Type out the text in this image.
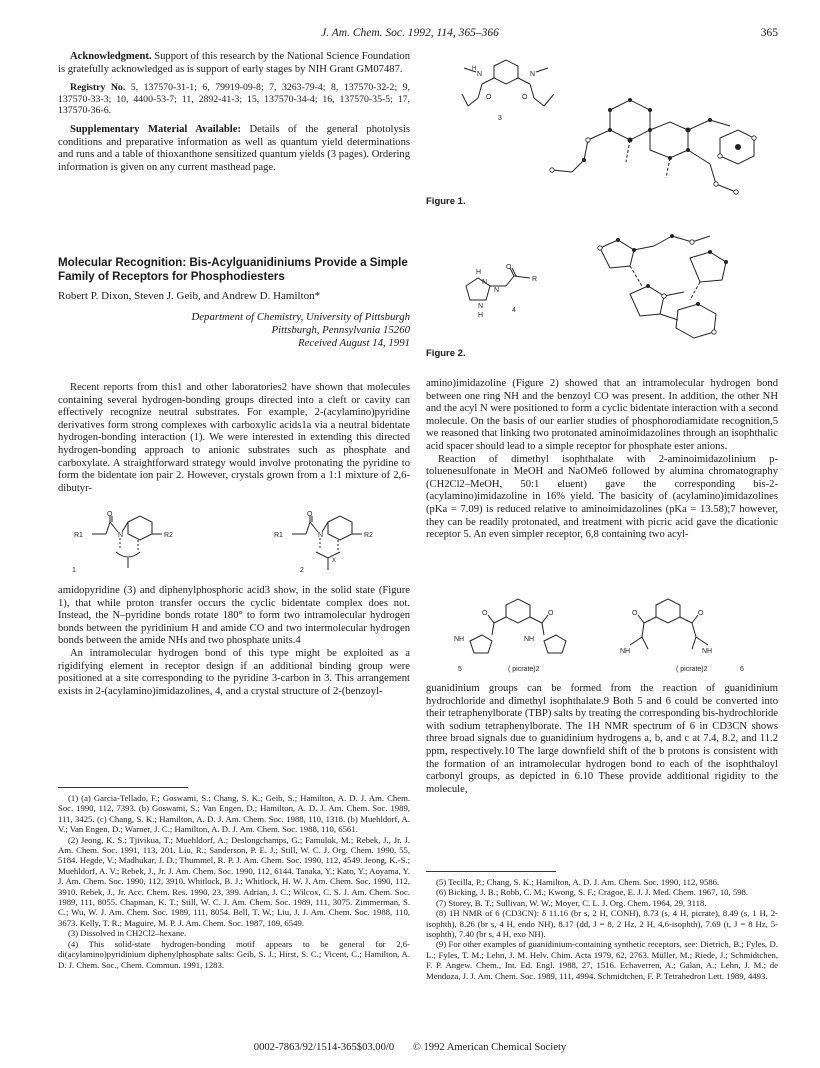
J. Am. Chem. Soc. 1992, 114, 365–366	365

Acknowledgment. Support of this research by the National Science Foundation is gratefully acknowledged as is support of early stages by NIH Grant GM07487.

Registry No. 5, 137570-31-1; 6, 79919-09-8; 7, 3263-79-4; 8, 137570-32-2; 9, 137570-33-3; 10, 4400-53-7; 11, 2892-41-3; 15, 137570-34-4; 16, 137570-35-5; 17, 137570-36-6.

Supplementary Material Available: Details of the general photolysis conditions and preparative information as well as quantum yield determinations and runs and a table of thioxanthone sensitized quantum yields (3 pages). Ordering information is given on any current masthead page.

Molecular Recognition: Bis-Acylguanidiniums Provide a Simple Family of Receptors for Phosphodiesters
Robert P. Dixon, Steven J. Geib, and Andrew D. Hamilton*
Department of Chemistry, University of Pittsburgh
Pittsburgh, Pennsylvania 15260
Received August 14, 1991

Recent reports from this1 and other laboratories2 have shown that molecules containing several hydrogen-bonding groups directed into a cleft or cavity can effectively recognize neutral substrates. For example, 2-(acylamino)pyridine derivatives form strong complexes with carboxylic acids1a via a neutral bidentate hydrogen-bonding interaction (1). We were interested in extending this directed hydrogen-bonding approach to anionic substrates such as phosphate and carboxylate. A straightforward strategy would involve protonating the pyridine to form the bidentate ion pair 2. However, crystals grown from a 1:1 mixture of 2,6-dibutyr-

O
R1	N	R2
1
O
R1	N	R2
X
2

amidopyridine (3) and diphenylphosphoric acid3 show, in the solid state (Figure 1), that while proton transfer occurs the cyclic bidentate complex does not. Instead, the N–pyridine bonds rotate 180° to form two intramolecular hydrogen bonds between the pyridinium H and amide CO and two intermolecular hydrogen bonds between the amide NHs and two phosphate units.4

An intramolecular hydrogen bond of this type might be exploited as a rigidifying element in receptor design if an additional binding group were positioned at a site corresponding to the pyridine 3-carbon in 3. This arrangement exists in 2-(acylamino)imidazolines, 4, and a crystal structure of 2-(benzoyl-

(1) (a) Garcia-Tellado, F.; Goswami, S.; Chang, S. K.; Geib, S.; Hamilton, A. D. J. Am. Chem. Soc. 1990, 112, 7393. (b) Goswami, S.; Van Engen, D.; Hamilton, A. D. J. Am. Chem. Soc. 1989, 111, 3425. (c) Chang, S. K.; Hamilton, A. D. J. Am. Chem. Soc. 1988, 110, 1318. (b) Muehldorf, A. V.; Van Engen, D.; Warner, J. C.; Hamilton, A. D. J. Am. Chem. Soc. 1988, 110, 6561.

(2) Jeong, K. S.; Tjivikua, T.; Muehldorf, A.; Deslongchamps, G.; Famulok, M.; Rebek, J., Jr. J. Am. Chem. Soc. 1991, 113, 201. Liu, R.; Sanderson, P. E. J.; Still, W. C. J. Org. Chem. 1990, 55, 5184. Hegde, V.; Madhukar, J. D.; Thummel, R. P. J. Am. Chem. Soc. 1990, 112, 4549. Jeong, K.-S.; Muehldorf, A. V.; Rebek, J., Jr. J. Am. Chem. Soc. 1990, 112, 6144. Tanaka, Y.; Kato, Y.; Aoyama, Y. J. Am. Chem. Soc. 1990, 112, 3910. Whitlock, B. J.; Whitlock, H. W. J. Am. Chem. Soc. 1990, 112, 3910. Rebek, J., Jr. Acc. Chem. Res. 1990, 23, 399. Adrian, J. C.; Wilcox, C. S. J. Am. Chem. Soc. 1989, 111, 8055. Chapman, K. T.; Still, W. C. J. Am. Chem. Soc. 1989, 111, 3075. Zimmerman, S. C.; Wu, W. J. Am. Chem. Soc. 1989, 111, 8054. Bell, T. W.; Liu, J. J. Am. Chem. Soc. 1988, 110, 3673. Kelly, T. R.; Maguire, M. P. J. Am. Chem. Soc. 1987, 109, 6549.

(3) Dissolved in CH2Cl2–hexane.

(4) This solid-state hydrogen-bonding motif appears to be general for 2,6-di(acylamino)pyridinium diphenylphosphate salts: Geib, S. J.; Hirst, S. C.; Vicent, C.; Hamilton, A. D. J. Chem. Soc., Chem. Commun. 1991, 1283.

H
N	N
O	O
3
Figure 1.
H
N
N
O
R
N
H
4
Figure 2.

amino)imidazoline (Figure 2) showed that an intramolecular hydrogen bond between one ring NH and the benzoyl CO was present. In addition, the other NH and the acyl N were positioned to form a cyclic bidentate interaction with a second molecule. On the basis of our earlier studies of phosphorodiamidate recognition,5 we reasoned that linking two protonated aminoimidazolines through an isophthalic acid spacer should lead to a simple receptor for phosphate ester anions.

Reaction of dimethyl isophthalate with 2-aminoimidazolinium p-toluenesulfonate in MeOH and NaOMe6 followed by alumina chromatography (CH2Cl2–MeOH, 50:1 eluent) gave the corresponding bis-2-(acylamino)imidazoline in 16% yield. The basicity of (acylamino)imidazolines (pKa = 7.09) is reduced relative to aminoimidazolines (pKa = 13.58);7 however, they can be readily protonated, and treatment with picric acid gave the dicationic receptor 5. An even simpler receptor, 6,8 containing two acyl-

O	O
NH	NH
5	( picrate)2
O	O
NH	NH
( picrate)2	6

guanidinium groups can be formed from the reaction of guanidinium hydrochloride and dimethyl isophthalate.9 Both 5 and 6 could be converted into their tetraphenylborate (TBP) salts by treating the corresponding bis-hydrochloride with sodium tetraphenylborate. The 1H NMR spectrum of 6 in CD3CN shows three broad signals due to guanidinium hydrogens a, b, and c at 7.4, 8.2, and 11.2 ppm, respectively.10 The large downfield shift of the b protons is consistent with the formation of an intramolecular hydrogen bond to each of the isophthaloyl carbonyl groups, as depicted in 6.10 These provide additional rigidity to the molecule,

(5) Tecilla, P.; Chang, S. K.; Hamilton, A. D. J. Am. Chem. Soc. 1990, 112, 9586.

(6) Bicking, J. B.; Robb, C. M.; Kwong, S. F.; Cragoe, E. J. J. Med. Chem. 1967, 10, 598.

(7) Storey, B. T.; Sullivan, W. W.; Moyer, C. L. J. Org. Chem. 1964, 29, 3118.

(8) 1H NMR of 6 (CD3CN): δ 11.16 (br s, 2 H, CONH), 8.73 (s, 4 H, picrate), 8.49 (s, 1 H, 2-isophth), 8.26 (br s, 4 H, endo NH), 8.17 (dd, J = 8, 2 Hz, 2 H, 4,6-isophth), 7.69 (t, J = 8 Hz, 5-isophth), 7.40 (br s, 4 H, exo NH).

(9) For other examples of guanidinium-containing synthetic receptors, see: Dietrich, B.; Fyles, D. L.; Fyles, T. M.; Lehn, J. M. Helv. Chim. Acta 1979, 62, 2763. Müller, M.; Riede, J.; Schmidtchen, F. P. Angew. Chem., Int. Ed. Engl. 1988, 27, 1516. Echaverren, A.; Galan, A.; Lehn, J. M.; de Mendoza, J. J. Am. Chem. Soc. 1989, 111, 4994. Schmidtchen, F. P. Tetrahedron Lett. 1989, 4493.

0002-7863/92/1514-365$03.00/0 © 1992 American Chemical Society
